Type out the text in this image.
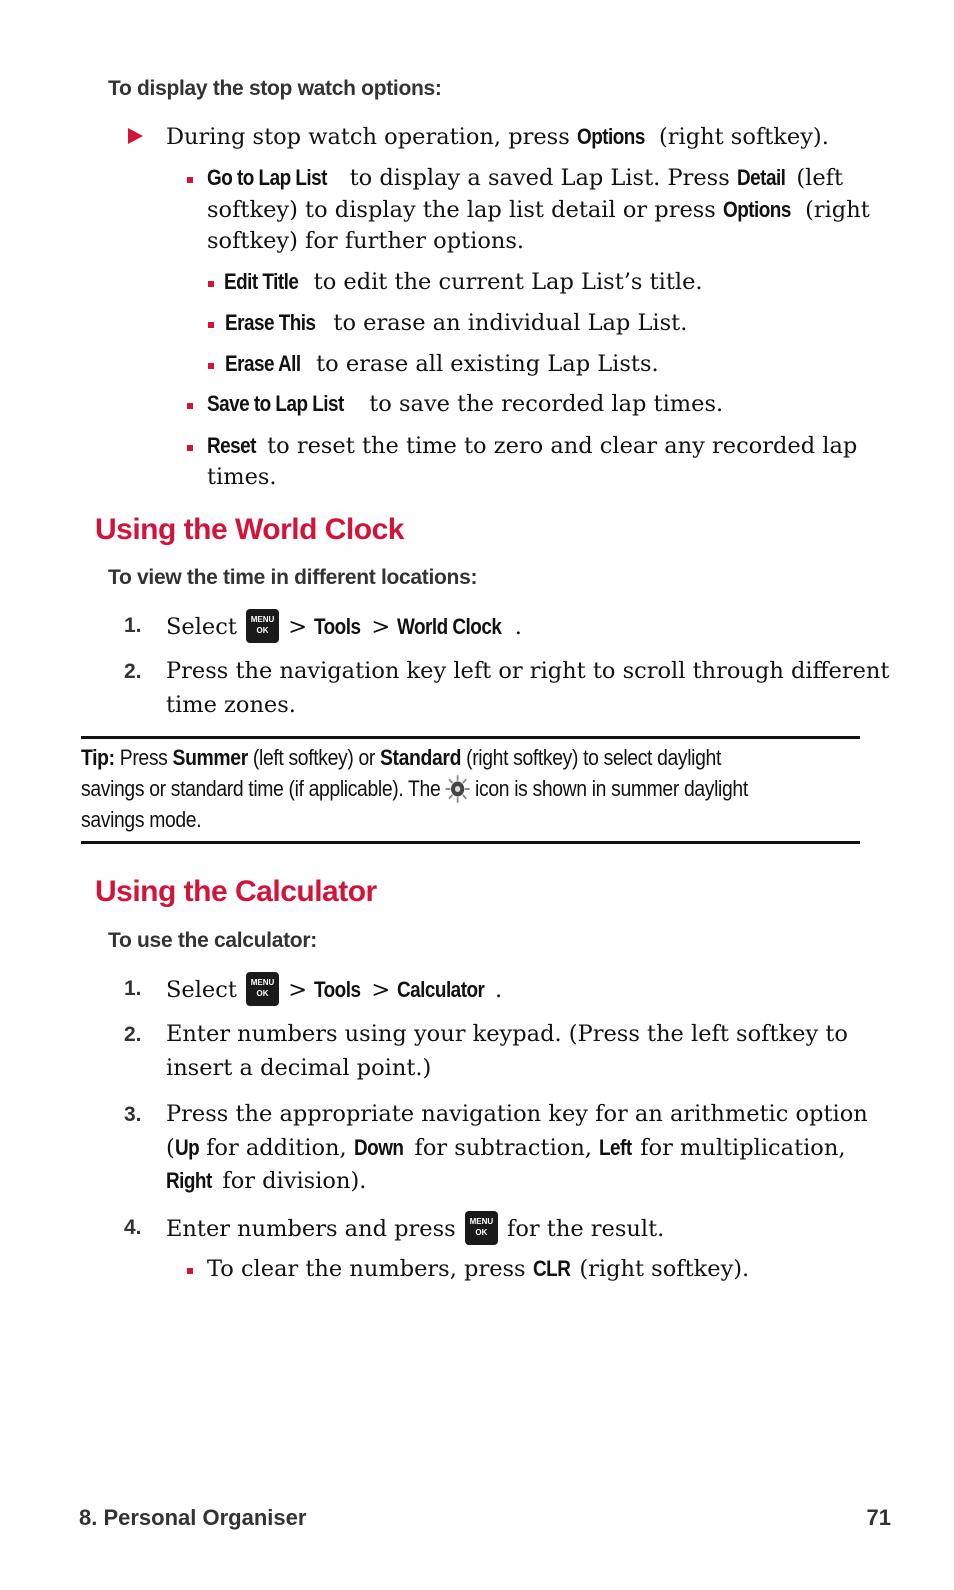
To display the stop watch options:
During stop watch operation, press Options (right softkey).
Go to Lap List to display a saved Lap List. Press Detail (left
softkey) to display the lap list detail or press Options (right
softkey) for further options.
Edit Title to edit the current Lap List’s title.
Erase This to erase an individual Lap List.
Erase All to erase all existing Lap Lists.
Save to Lap List to save the recorded lap times.
Reset to reset the time to zero and clear any recorded lap
times.
Using the World Clock
To view the time in different locations:
1. Select MENU
OK > Tools > World Clock .
2. Press the navigation key left or right to scroll through different
time zones.
Tip: Press Summer (left softkey) or Standard (right softkey) to select daylight
savings or standard time (if applicable). The  icon is shown in summer daylight
savings mode.
Using the Calculator
To use the calculator:
1. Select MENU
OK > Tools > Calculator .
2. Enter numbers using your keypad. (Press the left softkey to
insert a decimal point.)
3. Press the appropriate navigation key for an arithmetic option
(Up for addition, Down for subtraction, Left for multiplication,
Right for division).
4. Enter numbers and press MENU
OK for the result.
To clear the numbers, press CLR (right softkey).
8. Personal Organiser	71
